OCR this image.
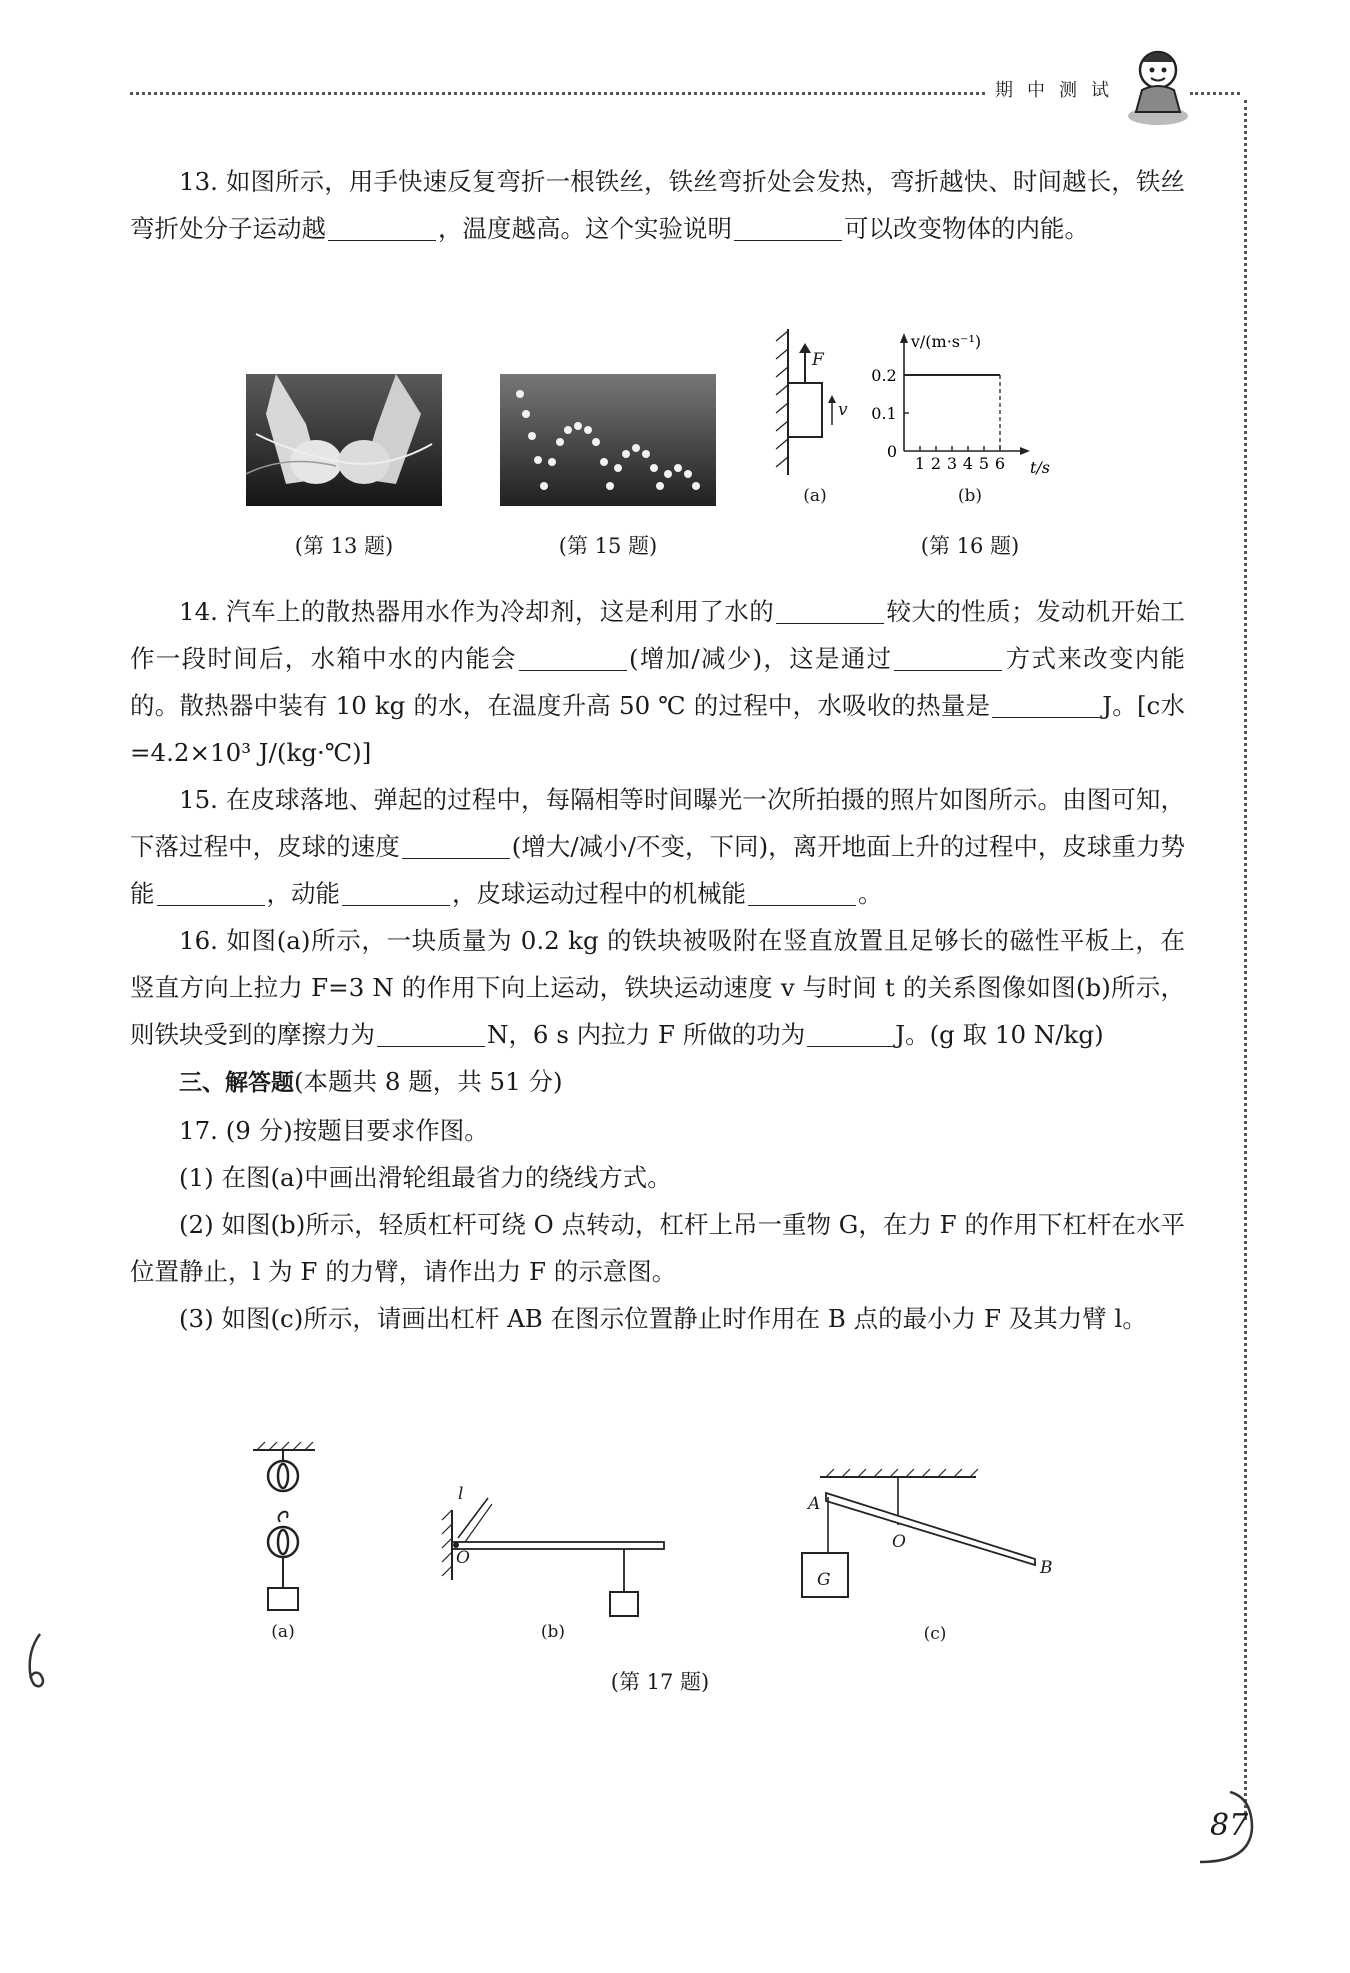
期中测试

13. 如图所示，用手快速反复弯折一根铁丝，铁丝弯折处会发热，弯折越快、时间越长，铁丝弯折处分子运动越	，温度越高。这个实验说明	可以改变物体的内能。

(第 13 题)	(第 15 题)
F
v
(a)
v/(m·s⁻¹)
t/s
0
0.2
0.1
1 2 3 4 5 6
(b)
(第 16 题)

14. 汽车上的散热器用水作为冷却剂，这是利用了水的	较大的性质；发动机开始工作一段时间后，水箱中水的内能会	(增加/减少)，这是通过	方式来改变内能的。散热器中装有 10 kg 的水，在温度升高 50 ℃ 的过程中，水吸收的热量是	J。[c水=4.2×10³ J/(kg·℃)]

15. 在皮球落地、弹起的过程中，每隔相等时间曝光一次所拍摄的照片如图所示。由图可知，下落过程中，皮球的速度	(增大/减小/不变，下同)，离开地面上升的过程中，皮球重力势能	，动能	，皮球运动过程中的机械能	。

16. 如图(a)所示，一块质量为 0.2 kg 的铁块被吸附在竖直放置且足够长的磁性平板上，在竖直方向上拉力 F=3 N 的作用下向上运动，铁块运动速度 v 与时间 t 的关系图像如图(b)所示，则铁块受到的摩擦力为	N，6 s 内拉力 F 所做的功为	J。(g 取 10 N/kg)

三、解答题(本题共 8 题，共 51 分)

17. (9 分)按题目要求作图。

(1) 在图(a)中画出滑轮组最省力的绕线方式。

(2) 如图(b)所示，轻质杠杆可绕 O 点转动，杠杆上吊一重物 G，在力 F 的作用下杠杆在水平位置静止，l 为 F 的力臂，请作出力 F 的示意图。

(3) 如图(c)所示，请画出杠杆 AB 在图示位置静止时作用在 B 点的最小力 F 及其力臂 l。

(a)
l
O
(b)
A
O
B
G
(c)
(第 17 题)
87
